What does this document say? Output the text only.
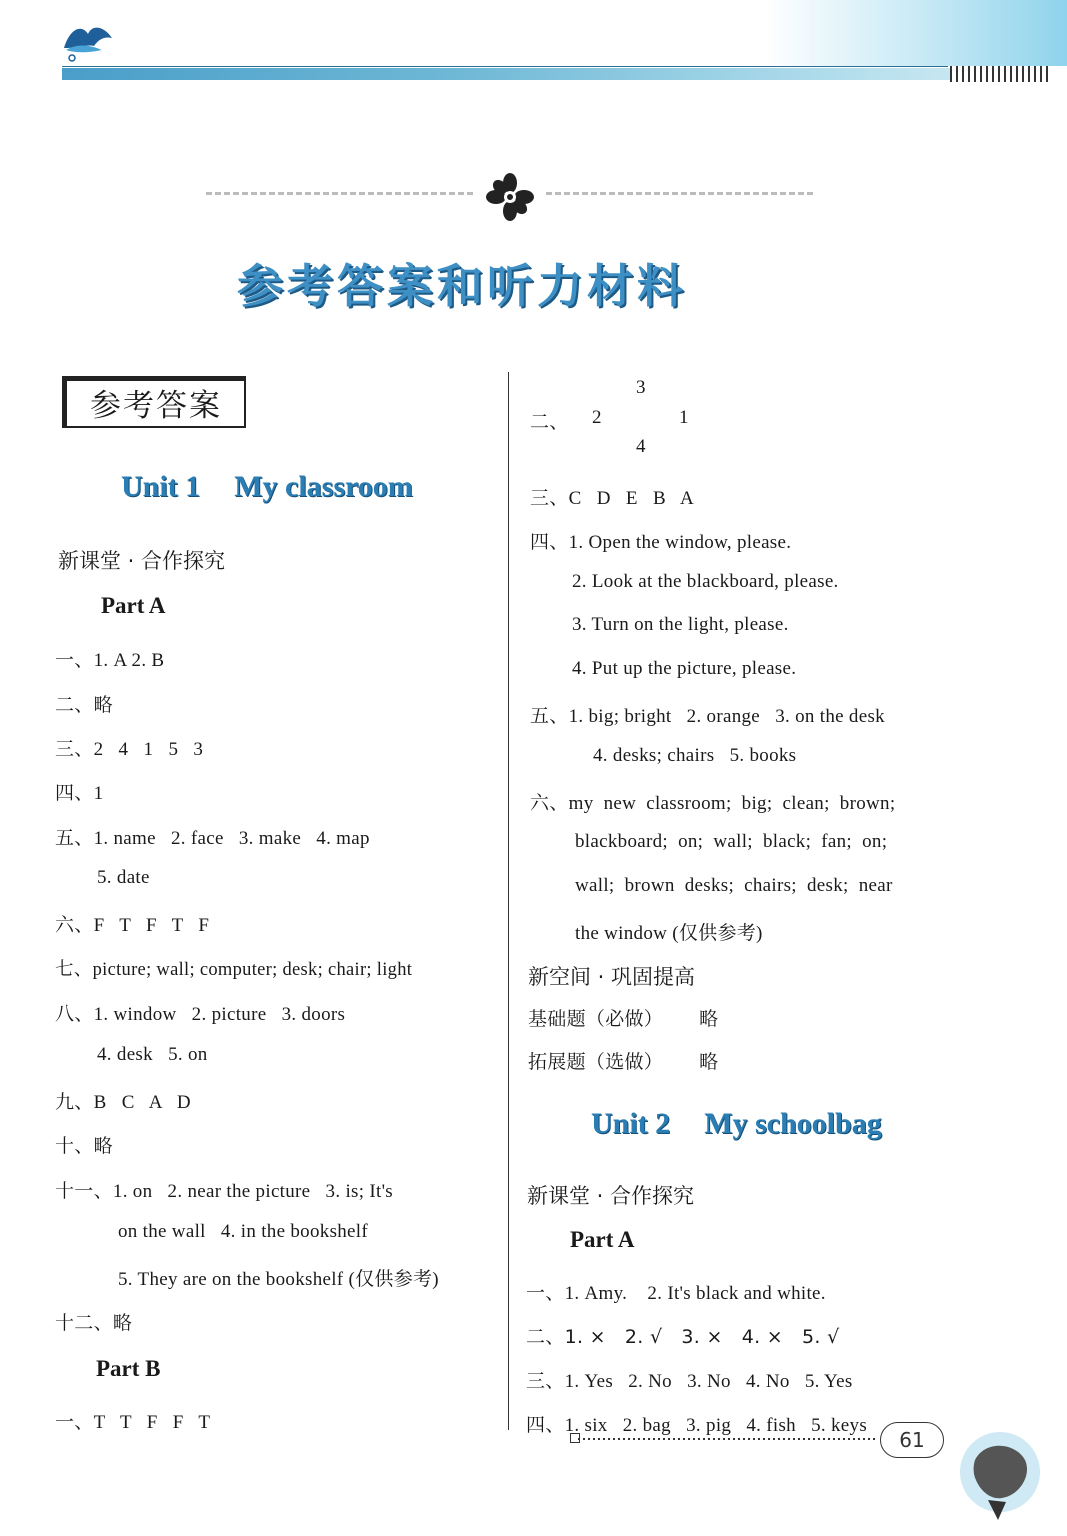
参考答案和听力材料
参考答案
Unit 1 My classroom
新课堂 · 合作探究
Part A
一、1. A 2. B
二、略
三、2   4   1   5   3
四、1
五、1. name   2. face   3. make   4. map
5. date
六、F   T   F   T   F
七、picture; wall; computer; desk; chair; light
八、1. window   2. picture   3. doors
4. desk   5. on
九、B   C   A   D
十、略
十一、1. on   2. near the picture   3. is; It's
on the wall   4. in the bookshelf
5. They are on the bookshelf (仅供参考)
十二、略
Part B
一、T   T   F   F   T
3
二、 2	1
4
三、C   D   E   B   A
四、1. Open the window, please.
2. Look at the blackboard, please.
3. Turn on the light, please.
4. Put up the picture, please.
五、1. big; bright   2. orange   3. on the desk
4. desks; chairs   5. books
六、my  new  classroom;  big;  clean;  brown;
blackboard;  on;  wall;  black;  fan;  on;
wall;  brown  desks;  chairs;  desk;  near
the window (仅供参考)
新空间 · 巩固提高
基础题（必做） 略
拓展题（选做） 略
Unit 2 My schoolbag
新课堂 · 合作探究
Part A
一、1. Amy.    2. It's black and white.
二、1. ×   2. √   3. ×   4. ×   5. √
三、1. Yes   2. No   3. No   4. No   5. Yes
四、1. six   2. bag   3. pig   4. fish   5. keys
61
